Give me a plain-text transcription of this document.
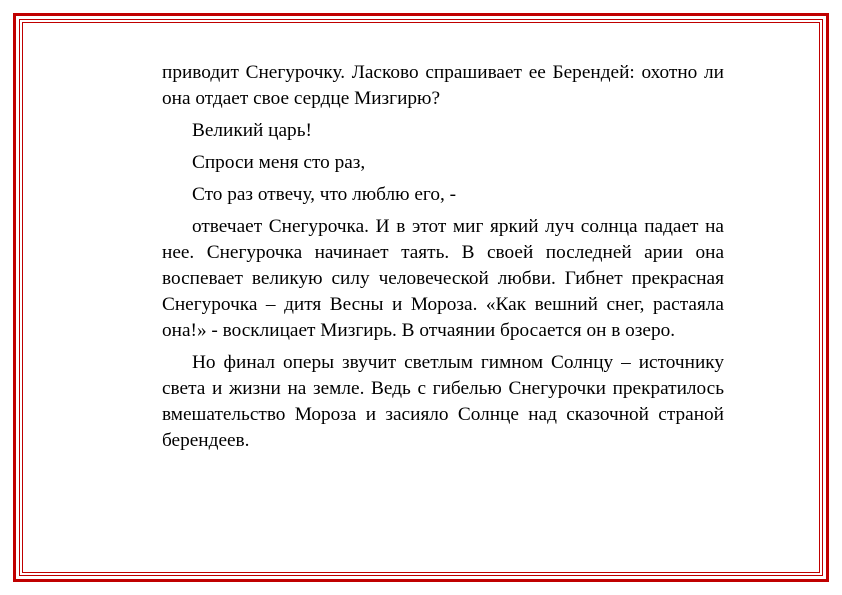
приводит Снегурочку. Ласково спрашивает ее Берендей: охотно ли она отдает свое сердце Мизгирю?

Великий царь!

Спроси меня сто раз,

Сто раз отвечу, что люблю его, -

отвечает Снегурочка. И в этот миг яркий луч солнца падает на нее. Снегурочка начинает таять. В своей последней арии она воспевает великую силу человеческой любви. Гибнет прекрасная Снегурочка – дитя Весны и Мороза. «Как вешний снег, растаяла она!» - восклицает Мизгирь. В отчаянии бросается он в озеро.

Но финал оперы звучит светлым гимном Солнцу – источнику света и жизни на земле. Ведь с гибелью Снегурочки прекратилось вмешательство Мороза и засияло Солнце над сказочной страной берендеев.
